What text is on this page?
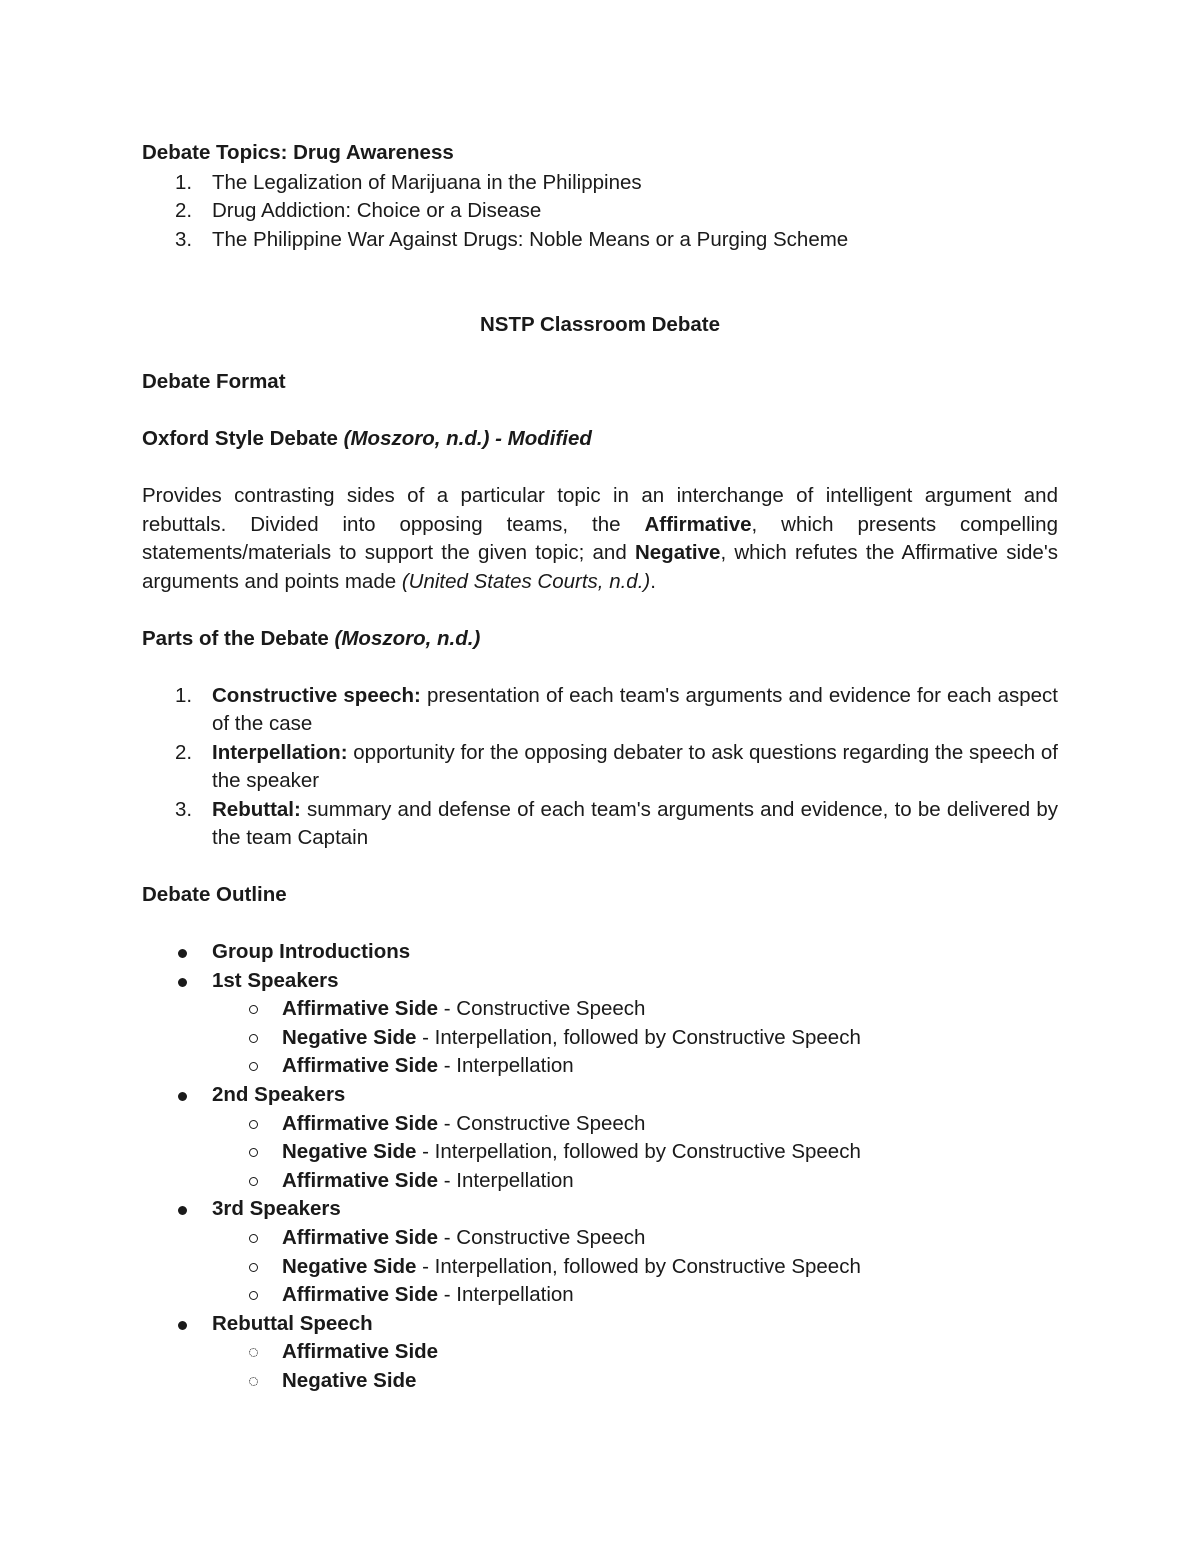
Debate Topics: Drug Awareness
1. The Legalization of Marijuana in the Philippines
2. Drug Addiction: Choice or a Disease
3. The Philippine War Against Drugs: Noble Means or a Purging Scheme
NSTP Classroom Debate
Debate Format
Oxford Style Debate (Moszoro, n.d.) - Modified
Provides contrasting sides of a particular topic in an interchange of intelligent argument and rebuttals. Divided into opposing teams, the Affirmative, which presents compelling statements/materials to support the given topic; and Negative, which refutes the Affirmative side's arguments and points made (United States Courts, n.d.).
Parts of the Debate (Moszoro, n.d.)
1. Constructive speech: presentation of each team's arguments and evidence for each aspect of the case
2. Interpellation: opportunity for the opposing debater to ask questions regarding the speech of the speaker
3. Rebuttal: summary and defense of each team's arguments and evidence, to be delivered by the team Captain
Debate Outline
Group Introductions
1st Speakers
Affirmative Side - Constructive Speech
Negative Side - Interpellation, followed by Constructive Speech
Affirmative Side - Interpellation
2nd Speakers
Affirmative Side - Constructive Speech
Negative Side - Interpellation, followed by Constructive Speech
Affirmative Side - Interpellation
3rd Speakers
Affirmative Side - Constructive Speech
Negative Side - Interpellation, followed by Constructive Speech
Affirmative Side - Interpellation
Rebuttal Speech
Affirmative Side
Negative Side
